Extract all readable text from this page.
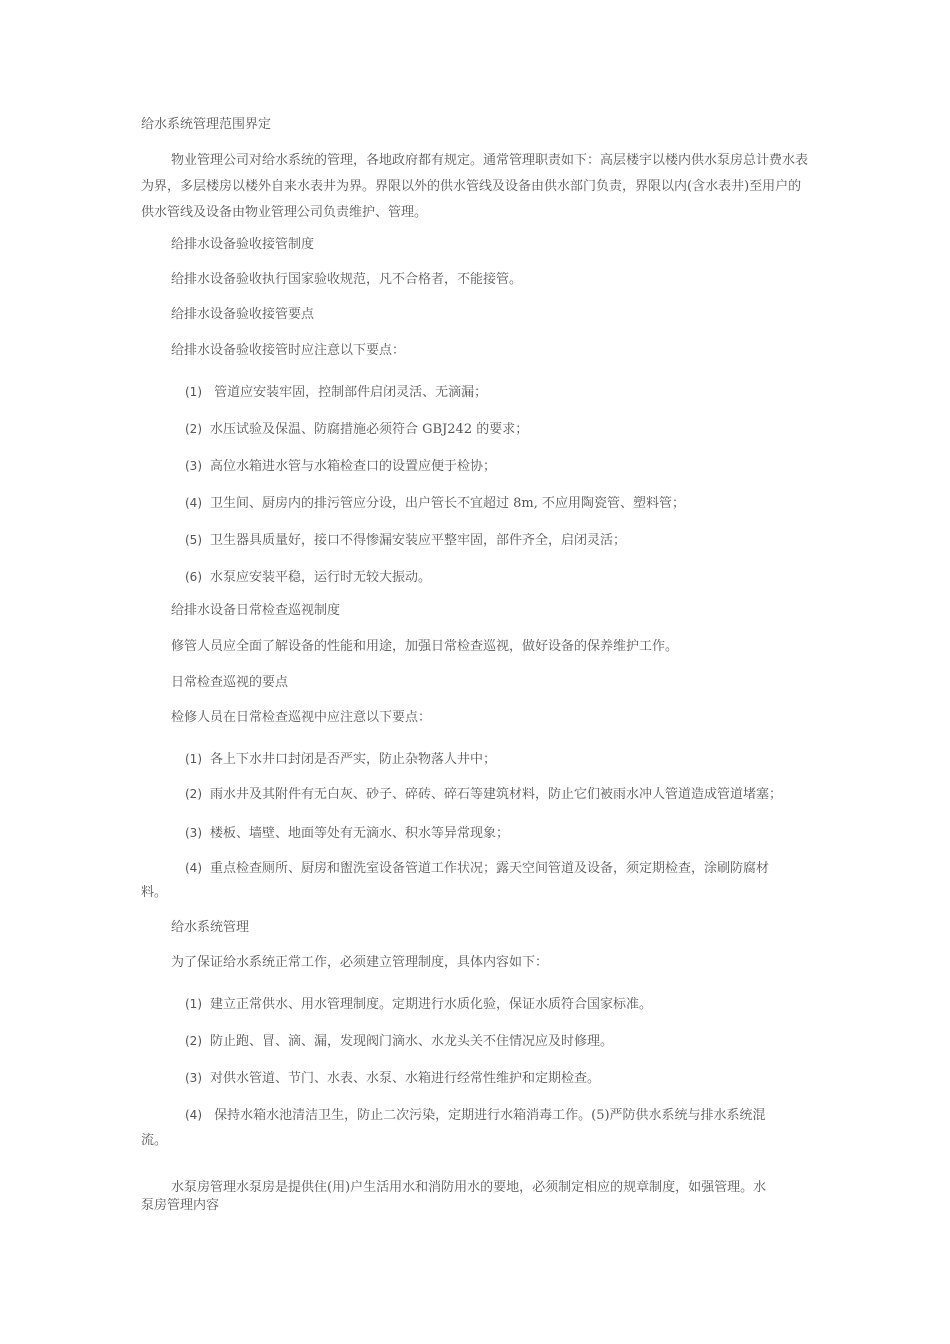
给水系统管理范围界定
物业管理公司对给水系统的管理，各地政府都有规定。通常管理职责如下：高层楼宇以楼内供水泵房总计费水表为界，多层楼房以楼外自来水表井为界。界限以外的供水管线及设备由供水部门负责，界限以内(含水表井)至用户的供水管线及设备由物业管理公司负责维护、管理。
给排水设备验收接管制度
给排水设备验收执行国家验收规范，凡不合格者，不能接管。
给排水设备验收接管要点
给排水设备验收接管时应注意以下要点：
(1) 管道应安装牢固，控制部件启闭灵活、无滴漏；
(2) 水压试验及保温、防腐措施必须符合 GBJ242 的要求；
(3) 高位水箱进水管与水箱检查口的设置应便于检协；
(4) 卫生间、厨房内的排污管应分设，出户管长不宜超过 8m, 不应用陶瓷管、塑料管；
(5) 卫生器具质量好，接口不得惨漏安装应平整牢固，部件齐全，启闭灵活；
(6) 水泵应安装平稳，运行时无较大振动。
给排水设备日常检查巡视制度
修管人员应全面了解设备的性能和用途，加强日常检查巡视，做好设备的保养维护工作。
日常检查巡视的要点
检修人员在日常检查巡视中应注意以下要点：
(1) 各上下水井口封闭是否严实，防止杂物落人井中；
(2) 雨水井及其附件有无白灰、砂子、碎砖、碎石等建筑材料，防止它们被雨水冲人管道造成管道堵塞；
(3) 楼板、墙壁、地面等处有无滴水、积水等异常现象；
(4) 重点检查厕所、厨房和盥洗室设备管道工作状况；露天空间管道及设备，须定期检查，涂刷防腐材
料。
给水系统管理
为了保证给水系统正常工作，必须建立管理制度，具体内容如下：
(1) 建立正常供水、用水管理制度。定期进行水质化验，保证水质符合国家标准。
(2) 防止跑、冒、滴、漏，发现阀门滴水、水龙头关不住情况应及时修理。
(3) 对供水管道、节门、水表、水泵、水箱进行经常性维护和定期检查。
(4) 保持水箱水池清洁卫生，防止二次污染，定期进行水箱消毒工作。(5)严防供水系统与排水系统混
流。
水泵房管理水泵房是提供住(用)户生活用水和消防用水的要地，必须制定相应的规章制度，如强管理。水
泵房管理内容
